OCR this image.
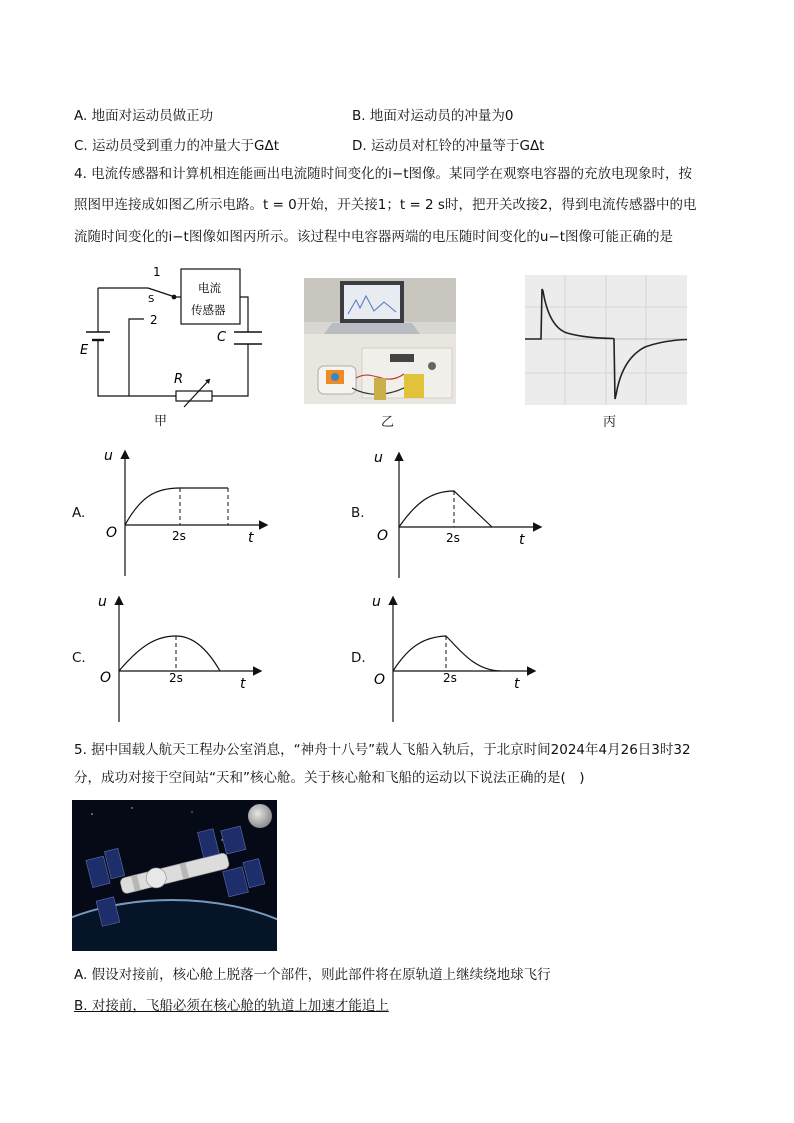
A. 地面对运动员做正功	B. 地面对运动员的冲量为0
C. 运动员受到重力的冲量大于GΔt	D. 运动员对杠铃的冲量等于GΔt
4. 电流传感器和计算机相连能画出电流随时间变化的i−t图像。某同学在观察电容器的充放电现象时，按
照图甲连接成如图乙所示电路。t = 0开始，开关接1；t = 2 s时，把开关改接2，得到电流传感器中的电
流随时间变化的i−t图像如图丙所示。该过程中电容器两端的电压随时间变化的u−t图像可能正确的是
1
2
S
电流
传感器
E
C
R
甲	乙	丙
A.
u
t
O	2s
B.
u
t
O	2s
C.
u
t
O	2s
D.
u
t
O	2s
5. 据中国载人航天工程办公室消息，“神舟十八号”载人飞船入轨后，于北京时间2024年4月26日3时32
分，成功对接于空间站“天和”核心舱。关于核心舱和飞船的运动以下说法正确的是(　)
A. 假设对接前，核心舱上脱落一个部件，则此部件将在原轨道上继续绕地球飞行
B. 对接前，飞船必须在核心舱的轨道上加速才能追上
